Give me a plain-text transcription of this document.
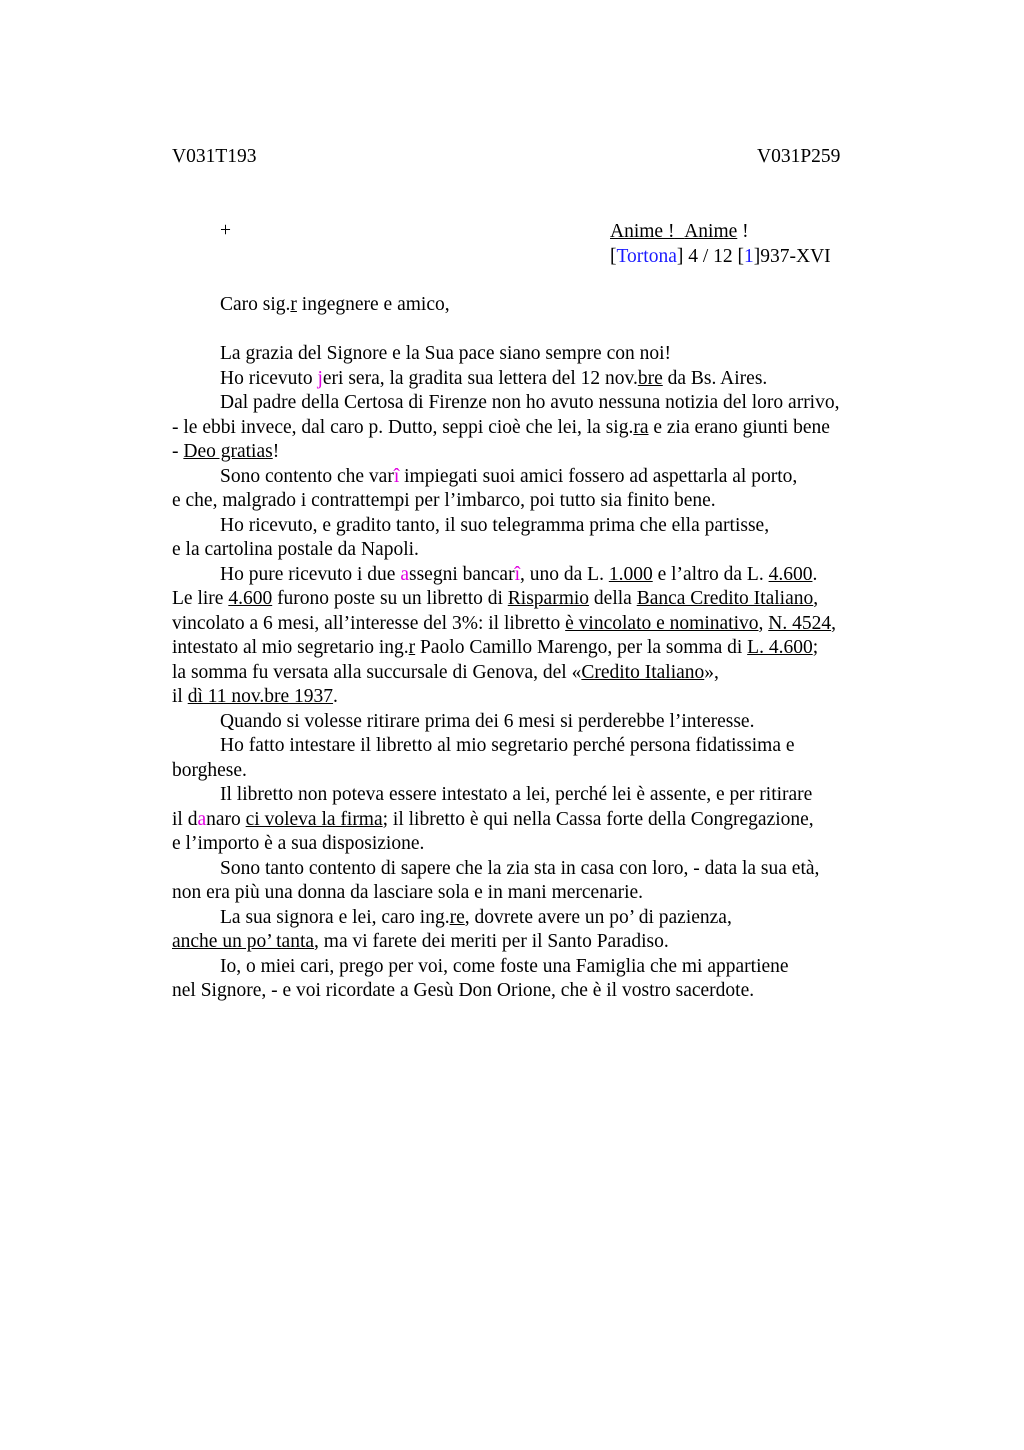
V031T193	V031P259
+	Anime ! Anime !
[Tortona] 4 / 12 [1]937-XVI
Caro sig.r ingegnere e amico,
La grazia del Signore e la Sua pace siano sempre con noi!
Ho ricevuto jeri sera, la gradita sua lettera del 12 nov.bre da Bs. Aires.
Dal padre della Certosa di Firenze non ho avuto nessuna notizia del loro arrivo,
- le ebbi invece, dal caro p. Dutto, seppi cioè che lei, la sig.ra e zia erano giunti bene
- Deo gratias!
Sono contento che varî impiegati suoi amici fossero ad aspettarla al porto,
e che, malgrado i contrattempi per l’imbarco, poi tutto sia finito bene.
Ho ricevuto, e gradito tanto, il suo telegramma prima che ella partisse,
e la cartolina postale da Napoli.
Ho pure ricevuto i due assegni bancarî, uno da L. 1.000 e l’altro da L. 4.600.
Le lire 4.600 furono poste su un libretto di Risparmio della Banca Credito Italiano,
vincolato a 6 mesi, all’interesse del 3%: il libretto è vincolato e nominativo, N. 4524,
intestato al mio segretario ing.r Paolo Camillo Marengo, per la somma di L. 4.600;
la somma fu versata alla succursale di Genova, del «Credito Italiano»,
il dì 11 nov.bre 1937.
Quando si volesse ritirare prima dei 6 mesi si perderebbe l’interesse.
Ho fatto intestare il libretto al mio segretario perché persona fidatissima e
borghese.
Il libretto non poteva essere intestato a lei, perché lei è assente, e per ritirare
il danaro ci voleva la firma; il libretto è qui nella Cassa forte della Congregazione,
e l’importo è a sua disposizione.
Sono tanto contento di sapere che la zia sta in casa con loro, - data la sua età,
non era più una donna da lasciare sola e in mani mercenarie.
La sua signora e lei, caro ing.re, dovrete avere un po’ di pazienza,
anche un po’ tanta, ma vi farete dei meriti per il Santo Paradiso.
Io, o miei cari, prego per voi, come foste una Famiglia che mi appartiene
nel Signore, - e voi ricordate a Gesù Don Orione, che è il vostro sacerdote.
